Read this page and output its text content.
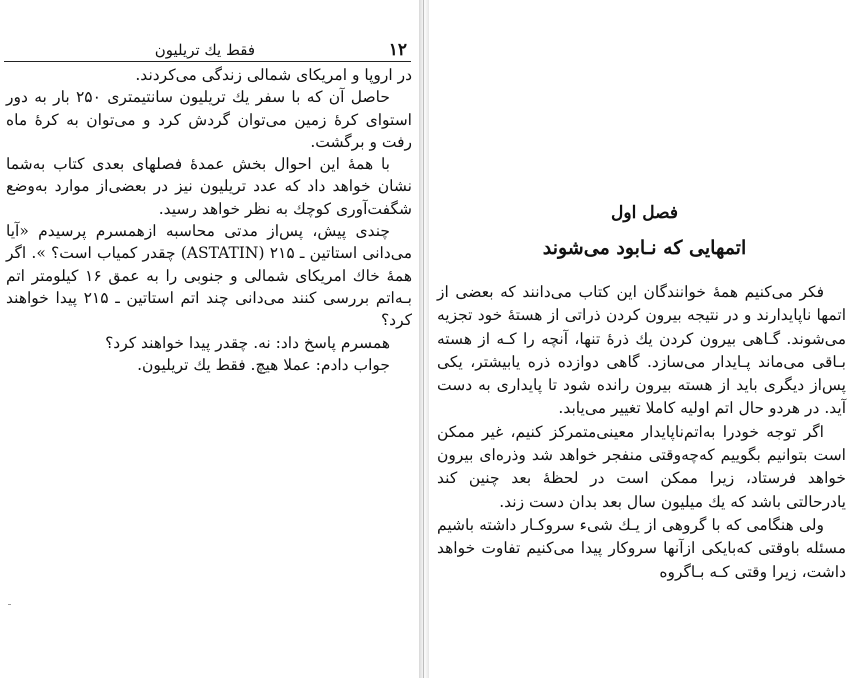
۱۲
فقط يك تريليون

در اروپا و امریكای شمالی زندگی می‌كردند.

حاصل آن كه با سفر يك تريليون سانتيمتری ۲۵۰ بار به دور استوای كرهٔ زمين می‌توان گردش كرد و می‌توان به كرهٔ ماه رفت و برگشت.

با همهٔ اين احوال بخش عمدهٔ فصلهای بعدی كتاب به‌شما نشان خواهد داد كه عدد تريليون نيز در بعضی‌از موارد به‌وضع شگفت‌آوری كوچك به نظر خواهد رسيد.

چندی پيش، پس‌از مدتی محاسبه ازهمسرم پرسيدم «آيا می‌دانی استاتين ـ ۲۱۵ (ASTATIN) چقدر كمياب است؟ ». اگر همهٔ خاك امريكای شمالی و جنوبی را به عمق ۱۶ كيلومتر اتم بـه‌اتم بررسی كنند می‌دانی چند اتم استاتين ـ ۲۱۵ پيدا خواهند كرد؟

همسرم پاسخ داد: نه. چقدر پيدا خواهند كرد؟

جواب دادم: عملا هيچ. فقط يك تريليون.

فصل اول
اتمهایی كه نـابود می‌شوند

فكر می‌كنيم همهٔ خوانندگان اين كتاب می‌دانند كه بعضی از اتمها ناپايدارند و در نتيجه بيرون كردن ذراتی از هستهٔ خود تجزيه می‌شوند. گـاهی بيرون كردن يك ذرهٔ تنها، آنچه را كـه از هسته بـاقی می‌ماند پـايدار می‌سازد. گاهی دوازده ذره يابيشتر، يكی پس‌از ديگری بايد از هسته بيرون رانده شود تا پايداری به دست آيد. در هردو حال اتم اوليه كاملا تغيير می‌يابد.

اگر توجه خودرا به‌اتم‌ناپايدار معينی‌متمركز كنيم، غير ممكن است بتوانيم بگوييم كه‌چه‌وقتی منفجر خواهد شد وذره‌ای بيرون خواهد فرستاد، زيرا ممكن است در لحظهٔ بعد چنين كند يادرحالتی باشد كه يك ميليون سال بعد بدان دست زند.

ولی هنگامی كه با گروهی از يـك شیء سروكـار داشته باشيم مسئله باوقتی كه‌بايكی ازآنها سروكار پيدا می‌كنيم تفاوت خواهد داشت، زيرا وقتی كـه بـا‌گروه
